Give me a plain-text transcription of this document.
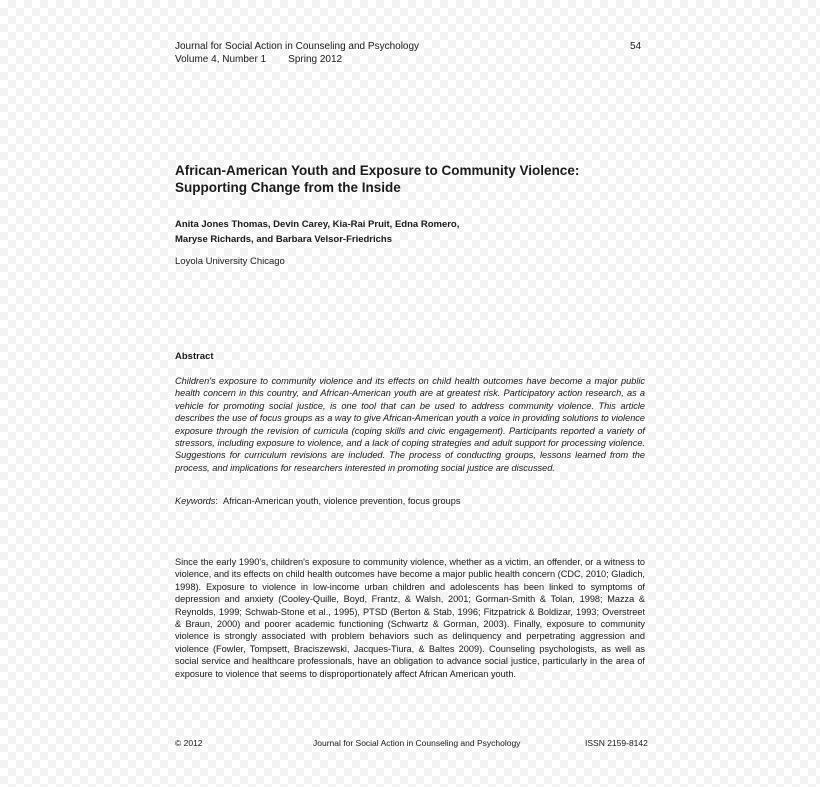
Journal for Social Action in Counseling and Psychology	54
Volume 4, Number 1 Spring 2012
African-American Youth and Exposure to Community Violence:
Supporting Change from the Inside
Anita Jones Thomas, Devin Carey, Kia-Rai Pruit, Edna Romero,
Maryse Richards, and Barbara Velsor-Friedrichs
Loyola University Chicago
Abstract
Children's exposure to community violence and its effects on child health outcomes have become a major public health concern in this country, and African-American youth are at greatest risk. Participatory action research, as a vehicle for promoting social justice, is one tool that can be used to address community violence. This article describes the use of focus groups as a way to give African-American youth a voice in providing solutions to violence exposure through the revision of curricula (coping skills and civic engagement). Participants reported a variety of stressors, including exposure to violence, and a lack of coping strategies and adult support for processing violence. Suggestions for curriculum revisions are included. The process of conducting groups, lessons learned from the process, and implications for researchers interested in promoting social justice are discussed.
Keywords: African-American youth, violence prevention, focus groups
Since the early 1990's, children's exposure to community violence, whether as a victim, an offender, or a witness to violence, and its effects on child health outcomes have become a major public health concern (CDC, 2010; Gladich, 1998). Exposure to violence in low-income urban children and adolescents has been linked to symptoms of depression and anxiety (Cooley-Quille, Boyd, Frantz, & Walsh, 2001; Gorman-Smith & Tolan, 1998; Mazza & Reynolds, 1999; Schwab-Stone et al., 1995), PTSD (Berton & Stab, 1996; Fitzpatrick & Boldizar, 1993; Overstreet & Braun, 2000) and poorer academic functioning (Schwartz & Gorman, 2003). Finally, exposure to community violence is strongly associated with problem behaviors such as delinquency and perpetrating aggression and violence (Fowler, Tompsett, Braciszewski, Jacques-Tiura, & Baltes 2009). Counseling psychologists, as well as social service and healthcare professionals, have an obligation to advance social justice, particularly in the area of exposure to violence that seems to disproportionately affect African American youth.
© 2012	Journal for Social Action in Counseling and Psychology	ISSN 2159-8142
